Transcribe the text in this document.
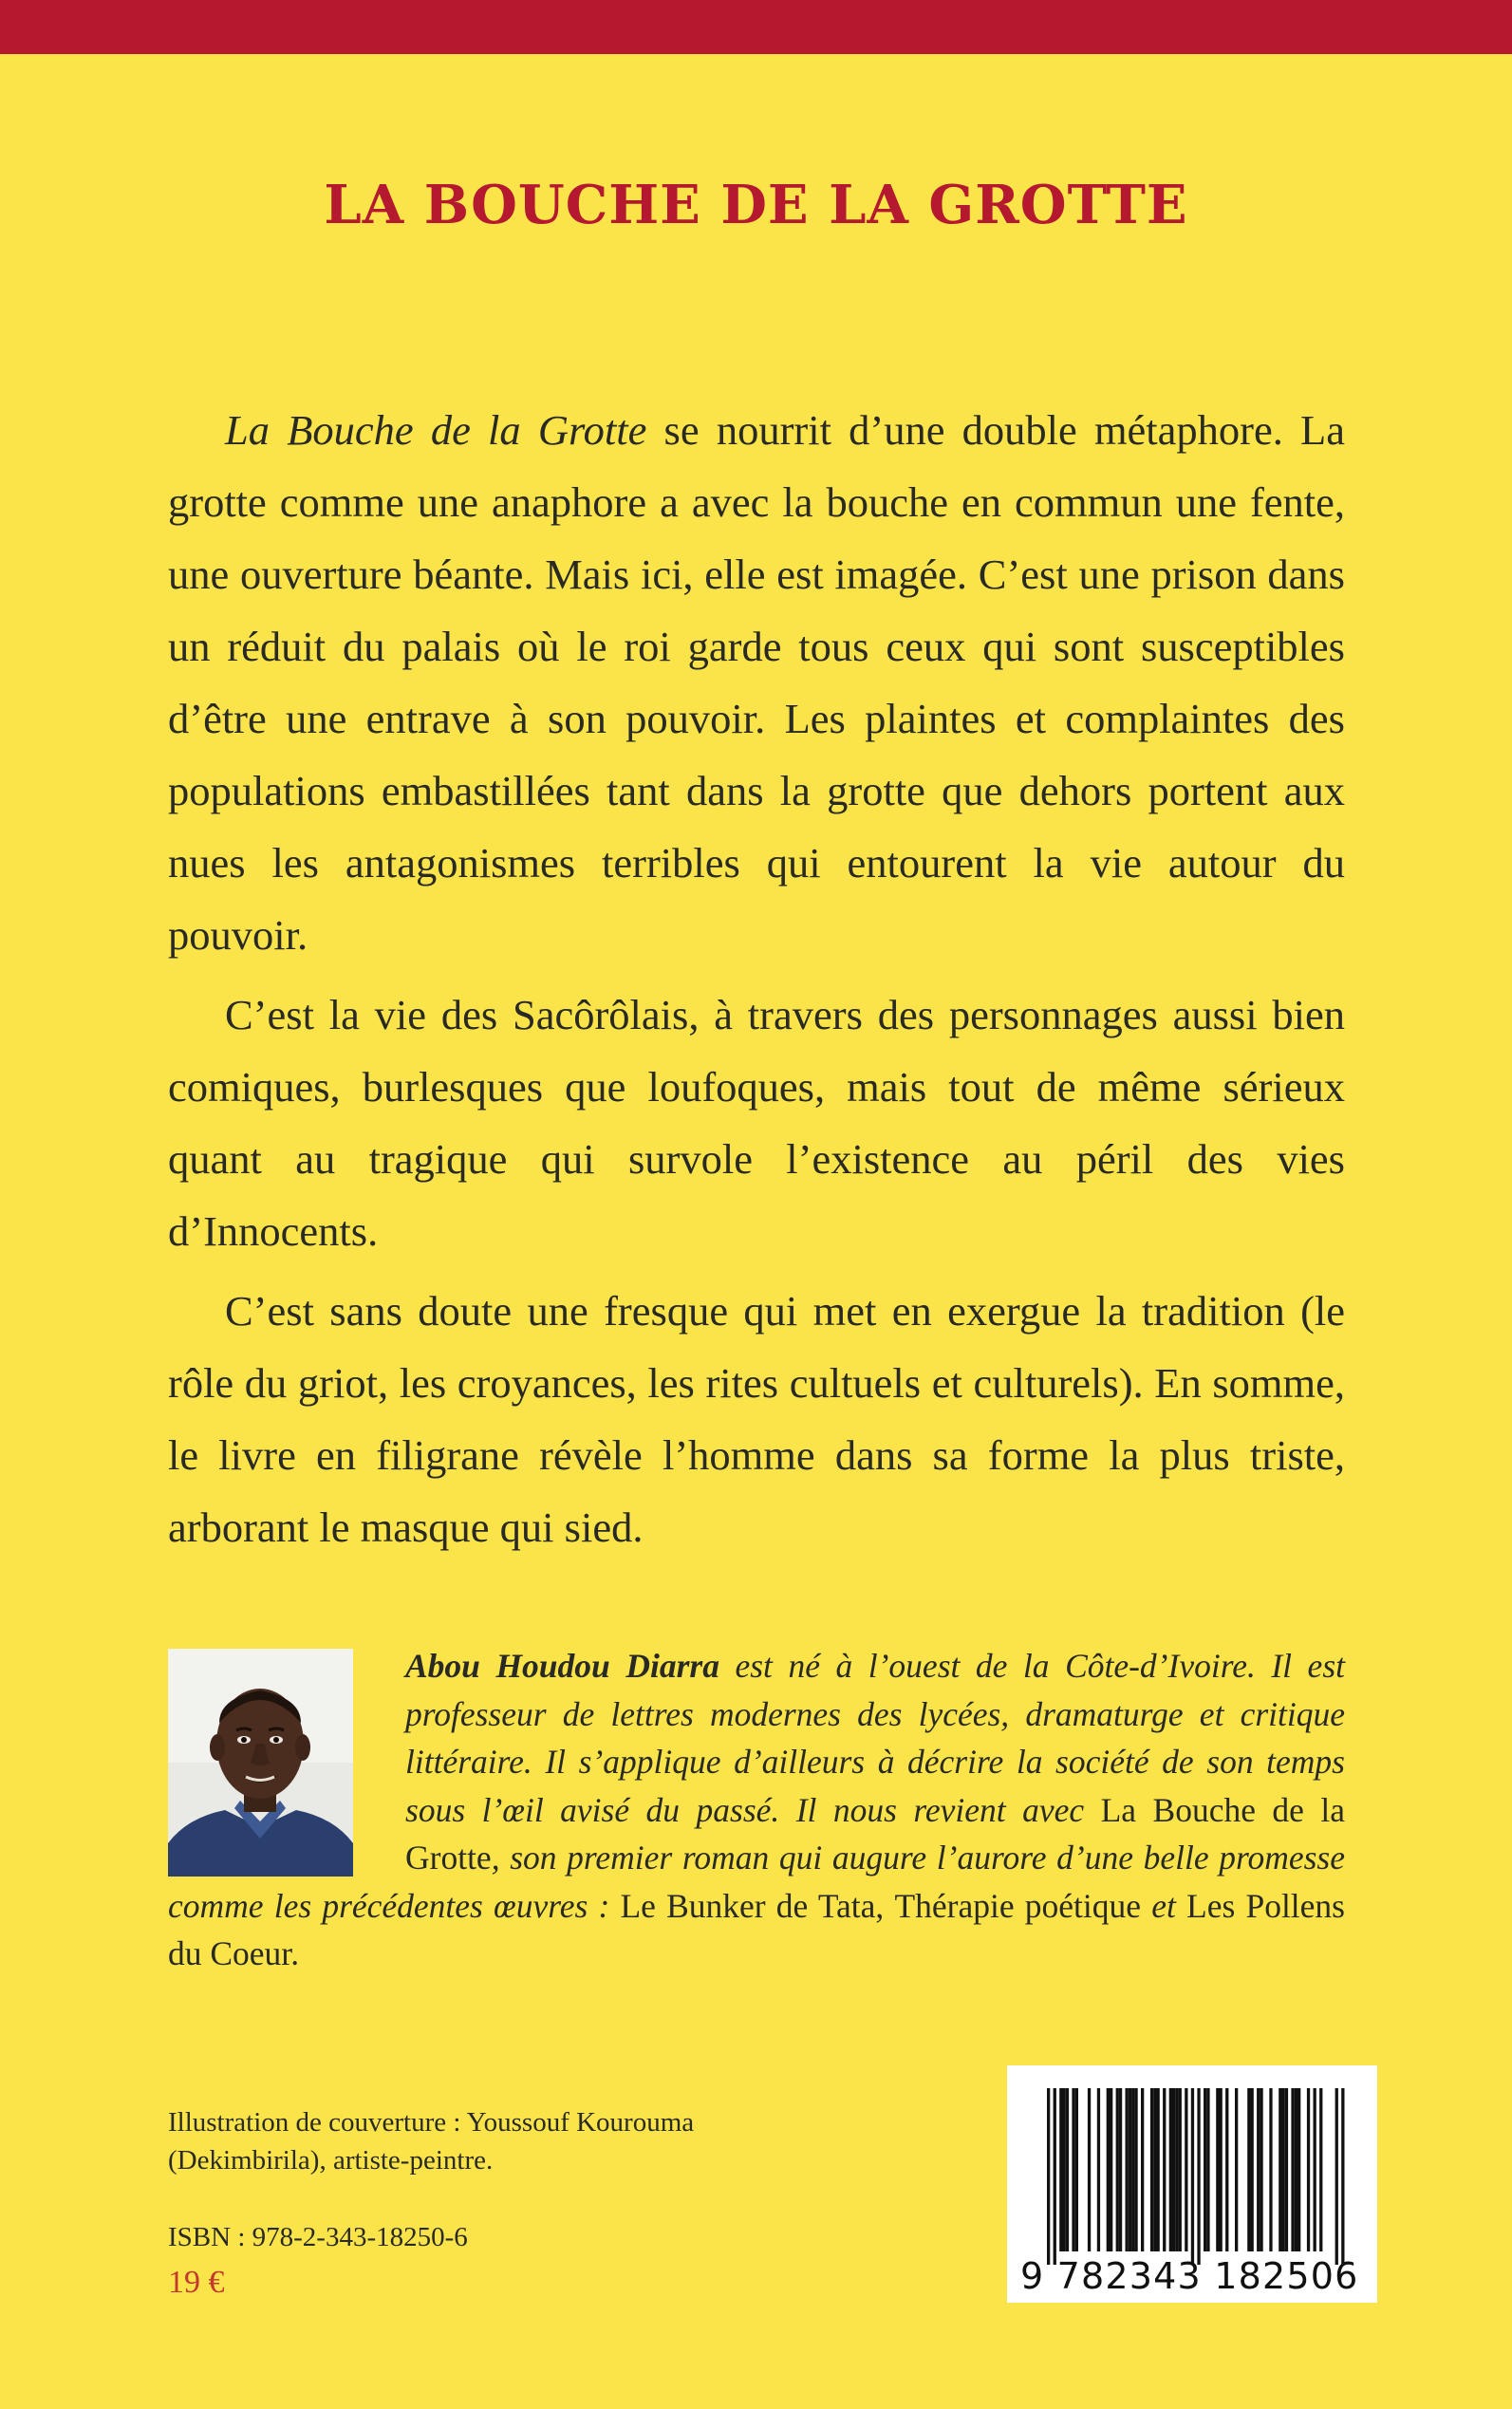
LA BOUCHE DE LA GROTTE

La Bouche de la Grotte se nourrit d’une double métaphore. La grotte comme une anaphore a avec la bouche en commun une fente, une ouverture béante. Mais ici, elle est imagée. C’est une prison dans un réduit du palais où le roi garde tous ceux qui sont susceptibles d’être une entrave à son pouvoir. Les plaintes et complaintes des populations embastillées tant dans la grotte que dehors portent aux nues les antagonismes terribles qui entourent la vie autour du pouvoir.

C’est la vie des Sacôrôlais, à travers des personnages aussi bien comiques, burlesques que loufoques, mais tout de même sérieux quant au tragique qui survole l’existence au péril des vies d’Innocents.

C’est sans doute une fresque qui met en exergue la tradition (le rôle du griot, les croyances, les rites cultuels et culturels). En somme, le livre en filigrane révèle l’homme dans sa forme la plus triste, arborant le masque qui sied.

Abou Houdou Diarra est né à l’ouest de la Côte-d’Ivoire. Il est professeur de lettres modernes des lycées, dramaturge et critique littéraire. Il s’applique d’ailleurs à décrire la société de son temps sous l’œil avisé du passé. Il nous revient avec La Bouche de la Grotte, son premier roman qui augure l’aurore d’une belle promesse comme les précédentes œuvres : Le Bunker de Tata, Thérapie poétique et Les Pollens du Coeur.
Illustration de couverture : Youssouf Kourouma (Dekimbirila), artiste-peintre.
ISBN : 978-2-343-18250-6
19 €	9 782343 182506
